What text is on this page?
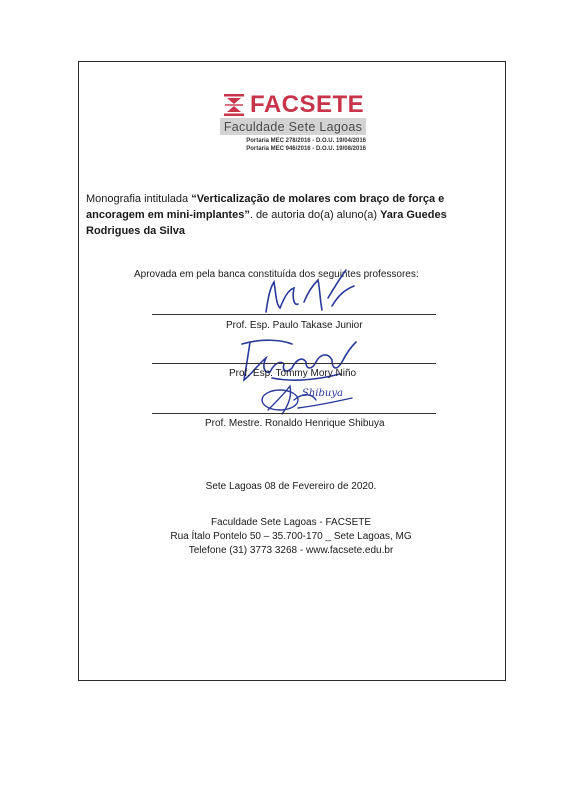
FACSETE
Faculdade Sete Lagoas
Portaria MEC 278/2016 - D.O.U. 19/04/2016
Portaria MEC 946/2016 - D.O.U. 19/08/2016
Monografia intitulada “Verticalização de molares com braço de força e ancoragem em mini-implantes”. de autoria do(a) aluno(a) Yara Guedes Rodrigues da Silva
Aprovada em pela banca constituída dos seguintes professores:
Prof. Esp. Paulo Takase Junior
Prof. Esp. Tommy Mory Niño
Shibuya
Prof. Mestre. Ronaldo Henrique Shibuya
Sete Lagoas 08 de Fevereiro de 2020.
Faculdade Sete Lagoas - FACSETE
Rua Ítalo Pontelo 50 – 35.700-170 _ Sete Lagoas, MG
Telefone (31) 3773 3268 - www.facsete.edu.br
